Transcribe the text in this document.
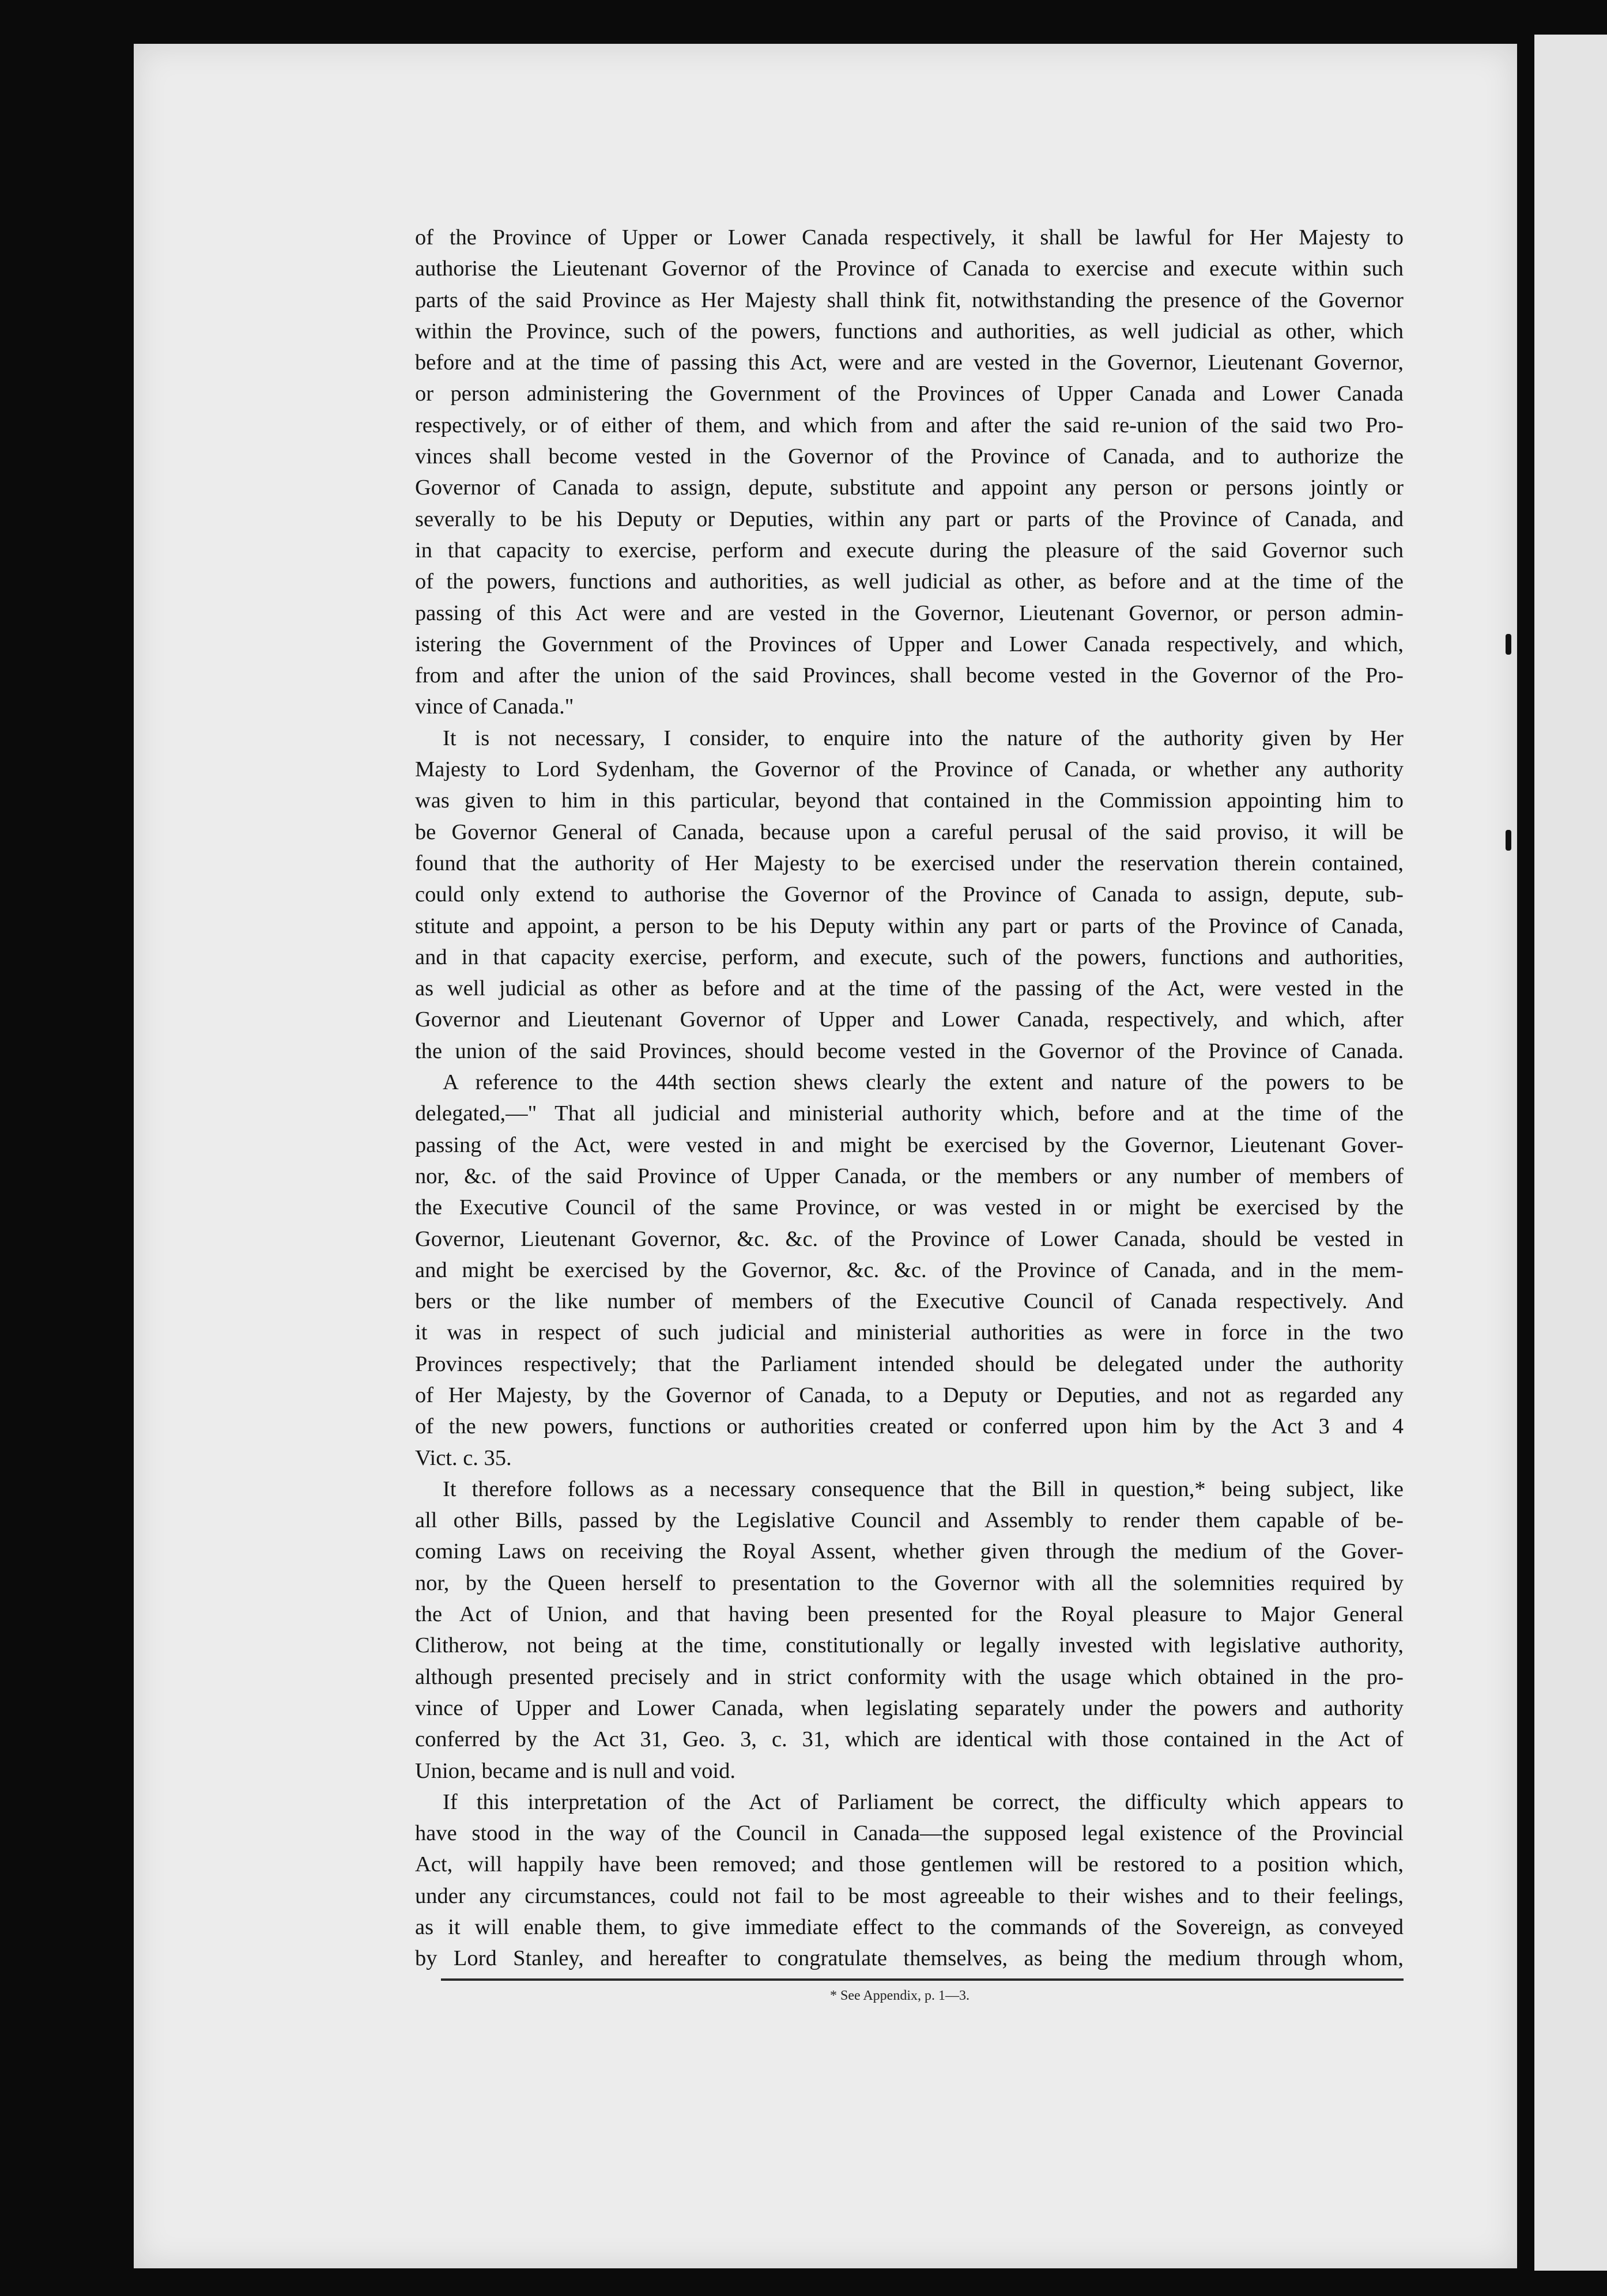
“ of the Province of Upper or Lower Canada respectively, it shall be lawful for Her Majesty to
“ authorise the Lieutenant Governor of the Province of Canada to exercise and execute within such
“ parts of the said Province as Her Majesty shall think fit, notwithstanding the presence of the Governor
“ within the Province, such of the powers, functions and authorities, as well judicial as other, which
“ before and at the time of passing this Act, were and are vested in the Governor, Lieutenant Governor,
“ or person administering the Government of the Provinces of Upper Canada and Lower Canada
“ respectively, or of either of them, and which from and after the said re-union of the said two Pro-
“ vinces shall become vested in the Governor of the Province of Canada, and to authorize the
“ Governor of Canada to assign, depute, substitute and appoint any person or persons jointly or
“ severally to be his Deputy or Deputies, within any part or parts of the Province of Canada, and
“ in that capacity to exercise, perform and execute during the pleasure of the said Governor such
“ of the powers, functions and authorities, as well judicial as other, as before and at the time of the
“ passing of this Act were and are vested in the Governor, Lieutenant Governor, or person admin-
“ istering the Government of the Provinces of Upper and Lower Canada respectively, and which,
“ from and after the union of the said Provinces, shall become vested in the Governor of the Pro-
“ vince of Canada."
It is not necessary, I consider, to enquire into the nature of the authority given by Her
Majesty to Lord Sydenham, the Governor of the Province of Canada, or whether any authority
was given to him in this particular, beyond that contained in the Commission appointing him to
be Governor General of Canada, because upon a careful perusal of the said proviso, it will be
found that the authority of Her Majesty to be exercised under the reservation therein contained,
could only extend to authorise the Governor of the Province of Canada to assign, depute, sub-
stitute and appoint, a person to be his Deputy within any part or parts of the Province of Canada,
and in that capacity exercise, perform, and execute, such of the powers, functions and authorities,
as well judicial as other as before and at the time of the passing of the Act, were vested in the
Governor and Lieutenant Governor of Upper and Lower Canada, respectively, and which, after
the union of the said Provinces, should become vested in the Governor of the Province of Canada.
A reference to the 44th section shews clearly the extent and nature of the powers to be
delegated,—" That all judicial and ministerial authority which, before and at the time of the
“ passing of the Act, were vested in and might be exercised by the Governor, Lieutenant Gover-
“ nor, &c. of the said Province of Upper Canada, or the members or any number of members of
“ the Executive Council of the same Province, or was vested in or might be exercised by the
“ Governor, Lieutenant Governor, &c. &c. of the Province of Lower Canada, should be vested in
“ and might be exercised by the Governor, &c. &c. of the Province of Canada, and in the mem-
“ bers or the like number of members of the Executive Council of Canada respectively. And
“ it was in respect of such judicial and ministerial authorities as were in force in the two
“ Provinces respectively; that the Parliament intended should be delegated under the authority
“ of Her Majesty, by the Governor of Canada, to a Deputy or Deputies, and not as regarded any
“ of the new powers, functions or authorities created or conferred upon him by the Act 3 and 4
“ Vict. c. 35.
It therefore follows as a necessary consequence that the Bill in question,* being subject, like
all other Bills, passed by the Legislative Council and Assembly to render them capable of be-
coming Laws on receiving the Royal Assent, whether given through the medium of the Gover-
nor, by the Queen herself to presentation to the Governor with all the solemnities required by
the Act of Union, and that having been presented for the Royal pleasure to Major General
Clitherow, not being at the time, constitutionally or legally invested with legislative authority,
although presented precisely and in strict conformity with the usage which obtained in the pro-
vince of Upper and Lower Canada, when legislating separately under the powers and authority
conferred by the Act 31, Geo. 3, c. 31, which are identical with those contained in the Act of
Union, became and is null and void.
If this interpretation of the Act of Parliament be correct, the difficulty which appears to
have stood in the way of the Council in Canada—the supposed legal existence of the Provincial
Act, will happily have been removed; and those gentlemen will be restored to a position which,
under any circumstances, could not fail to be most agreeable to their wishes and to their feelings,
as it will enable them, to give immediate effect to the commands of the Sovereign, as conveyed
by Lord Stanley, and hereafter to congratulate themselves, as being the medium through whom,
* See Appendix, p. 1—3.
